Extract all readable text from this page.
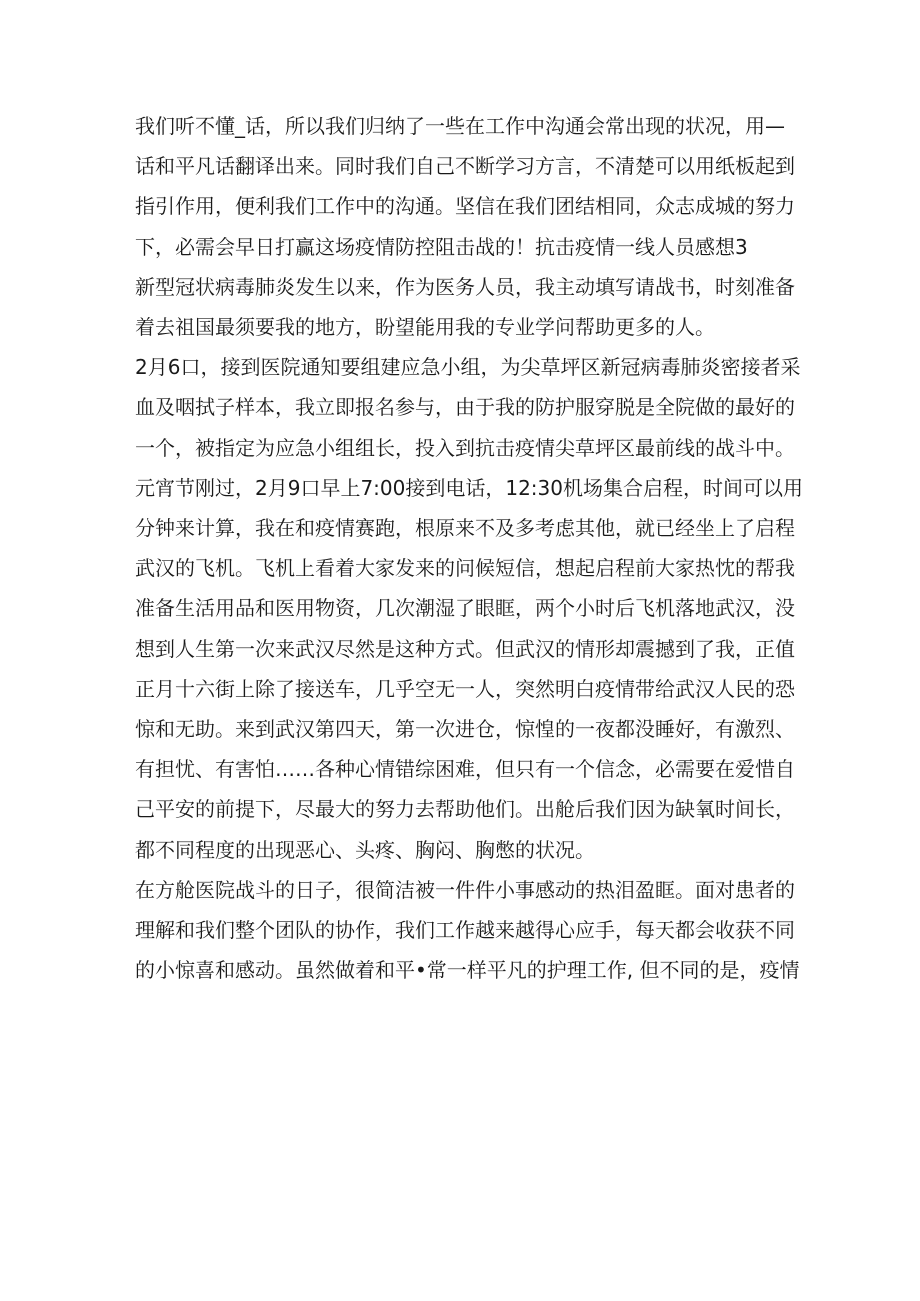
我们听不懂_话，所以我们归纳了一些在工作中沟通会常出现的状况，用—
话和平凡话翻译出来。同时我们自己不断学习方言，不清楚可以用纸板起到
指引作用，便利我们工作中的沟通。坚信在我们团结相同，众志成城的努力
下，必需会早日打赢这场疫情防控阻击战的！抗击疫情一线人员感想3

新型冠状病毒肺炎发生以来，作为医务人员，我主动填写请战书，时刻准备
着去祖国最须要我的地方，盼望能用我的专业学问帮助更多的人。

2月6口，接到医院通知要组建应急小组，为尖草坪区新冠病毒肺炎密接者采
血及咽拭子样本，我立即报名参与，由于我的防护服穿脱是全院做的最好的
一个，被指定为应急小组组长，投入到抗击疫情尖草坪区最前线的战斗中。
元宵节刚过，2月9口早上7:00接到电话，12:30机场集合启程，时间可以用
分钟来计算，我在和疫情赛跑，根原来不及多考虑其他，就已经坐上了启程
武汉的飞机。飞机上看着大家发来的问候短信，想起启程前大家热忱的帮我
准备生活用品和医用物资，几次潮湿了眼眶，两个小时后飞机落地武汉，没
想到人生第一次来武汉尽然是这种方式。但武汉的情形却震撼到了我，正值
正月十六街上除了接送车，几乎空无一人，突然明白疫情带给武汉人民的恐
惊和无助。来到武汉第四天，第一次进仓，惊惶的一夜都没睡好，有激烈、
有担忧、有害怕……各种心情错综困难，但只有一个信念，必需要在爱惜自
己平安的前提下，尽最大的努力去帮助他们。出舱后我们因为缺氧时间长，
都不同程度的出现恶心、头疼、胸闷、胸憋的状况。

在方舱医院战斗的日子，很简洁被一件件小事感动的热泪盈眶。面对患者的
理解和我们整个团队的协作，我们工作越来越得心应手，每天都会收获不同
的小惊喜和感动。虽然做着和平•常一样平凡的护理工作, 但不同的是，疫情
